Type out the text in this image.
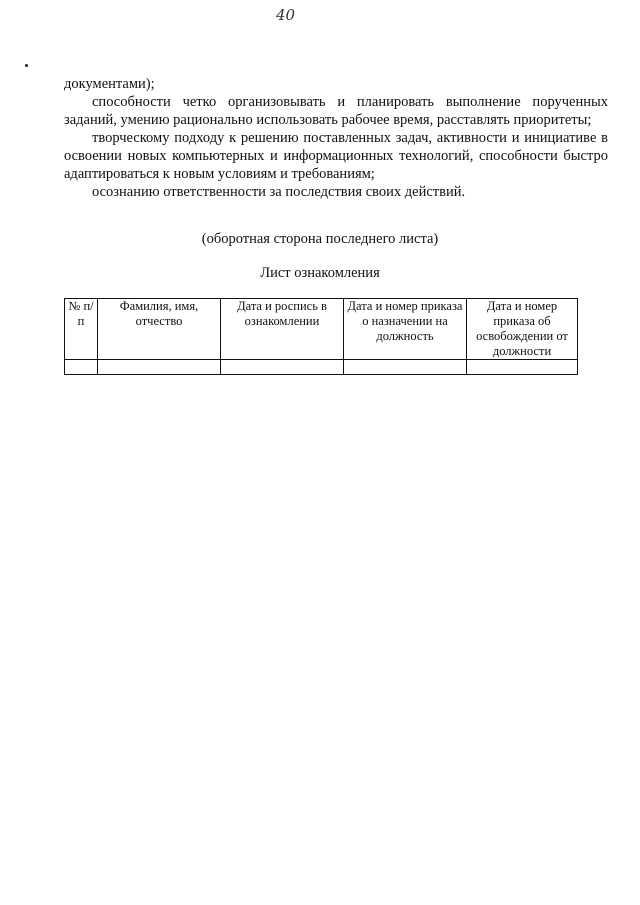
40

документами);

способности четко организовывать и планировать выполнение порученных заданий, умению рационально использовать рабочее время, расставлять приоритеты;

творческому подходу к решению поставленных задач, активности и инициативе в освоении новых компьютерных и информационных технологий, способности быстро адаптироваться к новым условиям и требованиям;

осознанию ответственности за последствия своих действий.

(оборотная сторона последнего листа)
Лист ознакомления
№ п/п	Фамилия, имя, отчество	Дата и роспись в ознакомлении	Дата и номер приказа о назначении на должность	Дата и номер приказа об освобождении от должности
